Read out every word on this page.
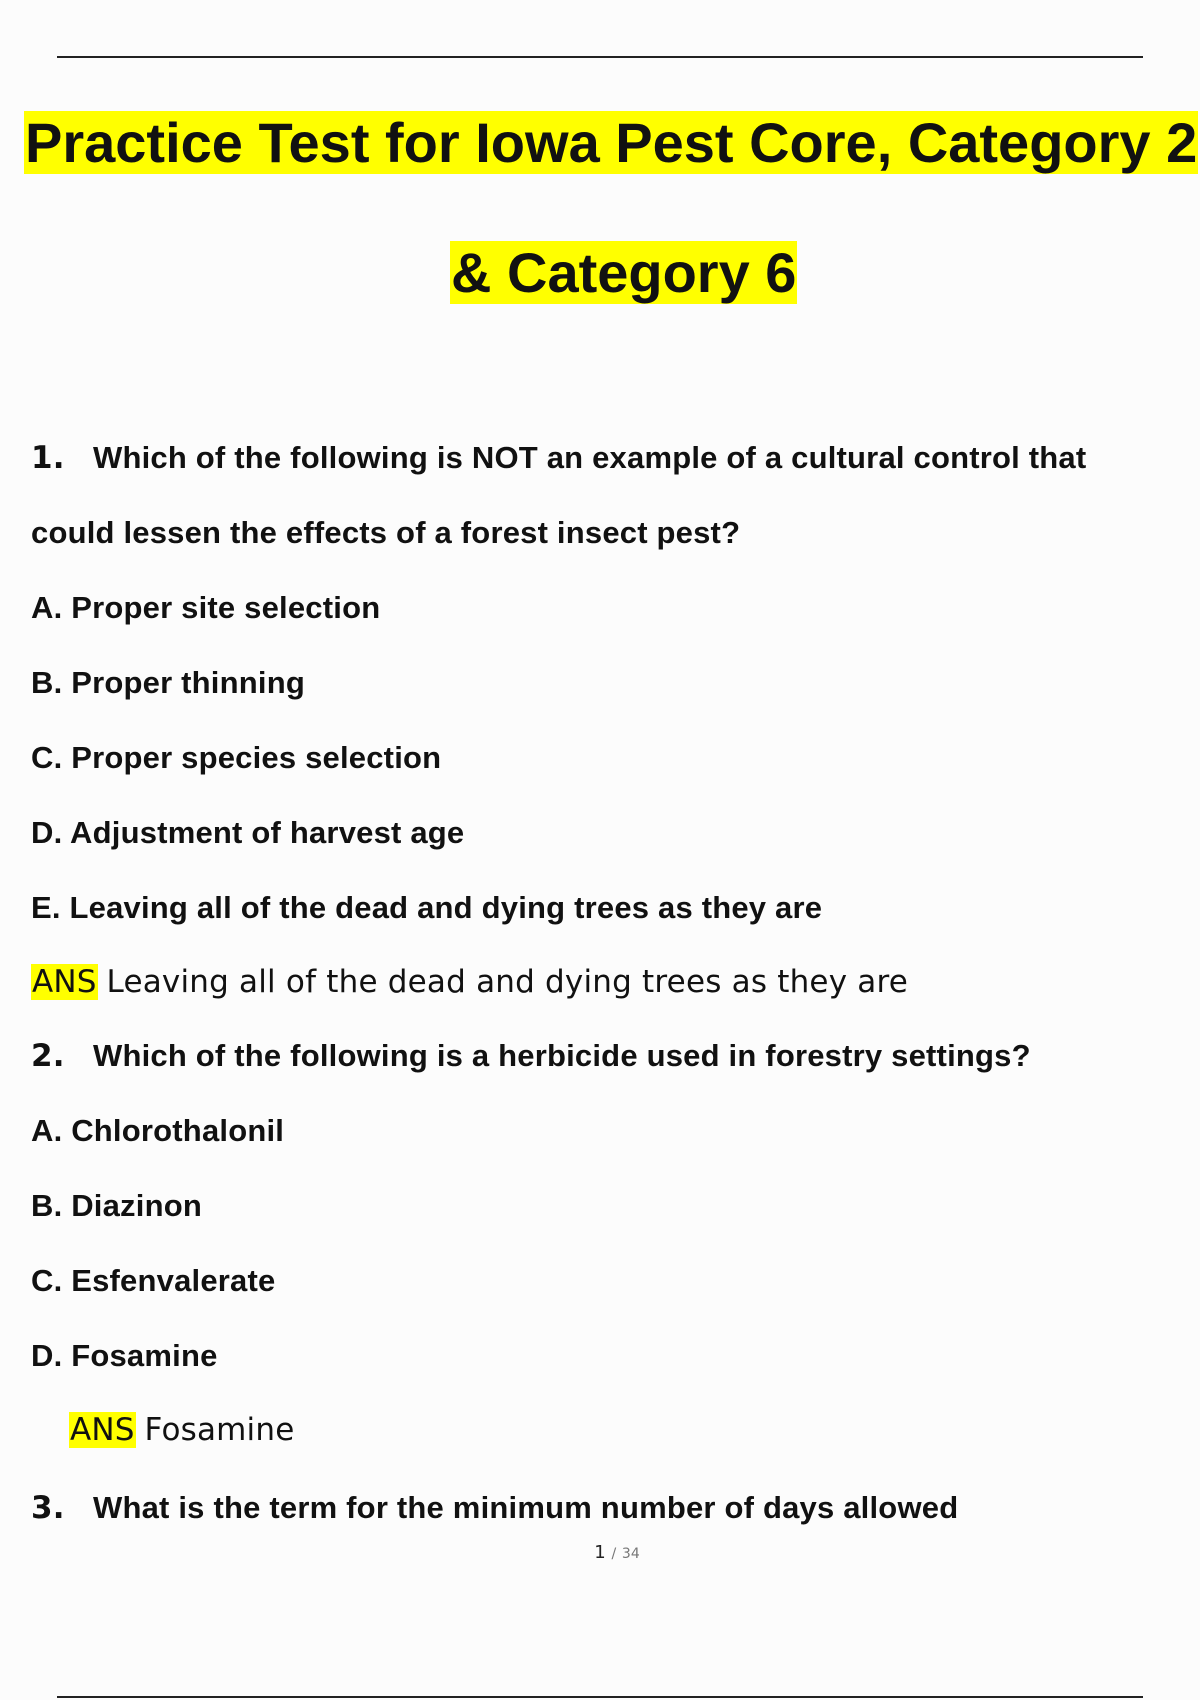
Practice Test for Iowa Pest Core, Category 2
& Category 6
1. Which of the following is NOT an example of a cultural control that
could lessen the effects of a forest insect pest?
A. Proper site selection
B. Proper thinning
C. Proper species selection
D. Adjustment of harvest age
E. Leaving all of the dead and dying trees as they are
ANS Leaving all of the dead and dying trees as they are
2. Which of the following is a herbicide used in forestry settings?
A. Chlorothalonil
B. Diazinon
C. Esfenvalerate
D. Fosamine
ANS Fosamine
3. What is the term for the minimum number of days allowed
1 / 34
